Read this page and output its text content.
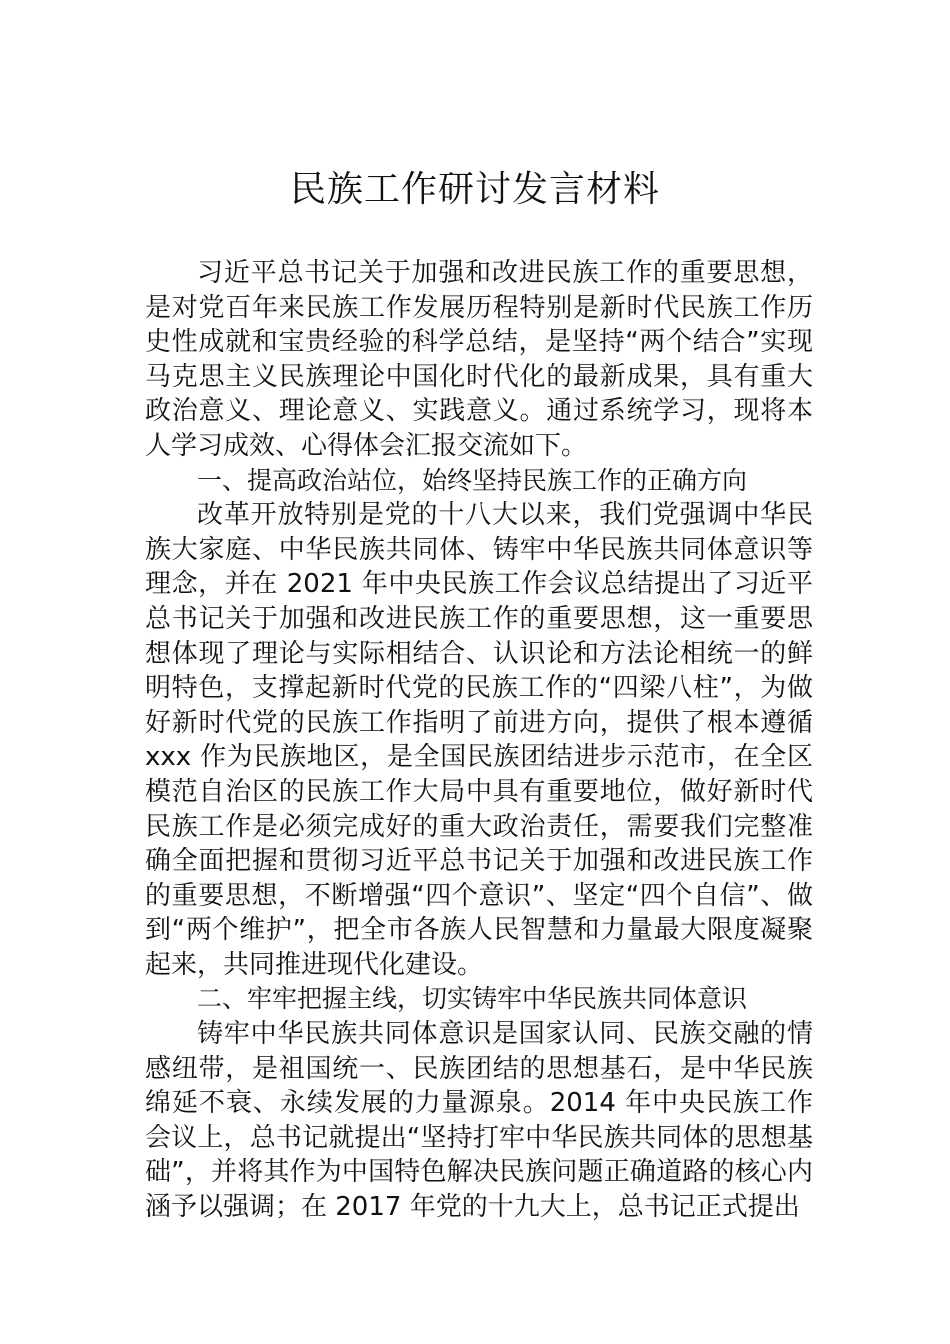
民族工作研讨发言材料

习近平总书记关于加强和改进民族工作的重要思想，是对党百年来民族工作发展历程特别是新时代民族工作历史性成就和宝贵经验的科学总结，是坚持“两个结合”实现马克思主义民族理论中国化时代化的最新成果，具有重大政治意义、理论意义、实践意义。通过系统学习，现将本人学习成效、心得体会汇报交流如下。

一、提高政治站位，始终坚持民族工作的正确方向

改革开放特别是党的十八大以来，我们党强调中华民族大家庭、中华民族共同体、铸牢中华民族共同体意识等理念，并在 2021 年中央民族工作会议总结提出了习近平总书记关于加强和改进民族工作的重要思想，这一重要思想体现了理论与实际相结合、认识论和方法论相统一的鲜明特色，支撑起新时代党的民族工作的“四梁八柱”，为做好新时代党的民族工作指明了前进方向，提供了根本遵循xxx 作为民族地区，是全国民族团结进步示范市，在全区模范自治区的民族工作大局中具有重要地位，做好新时代民族工作是必须完成好的重大政治责任，需要我们完整准确全面把握和贯彻习近平总书记关于加强和改进民族工作的重要思想，不断增强“四个意识”、坚定“四个自信”、做到“两个维护”，把全市各族人民智慧和力量最大限度凝聚起来，共同推进现代化建设。

二、牢牢把握主线，切实铸牢中华民族共同体意识

铸牢中华民族共同体意识是国家认同、民族交融的情感纽带，是祖国统一、民族团结的思想基石，是中华民族绵延不衰、永续发展的力量源泉。2014 年中央民族工作会议上，总书记就提出“坚持打牢中华民族共同体的思想基础”，并将其作为中国特色解决民族问题正确道路的核心内涵予以强调；在 2017 年党的十九大上，总书记正式提出
